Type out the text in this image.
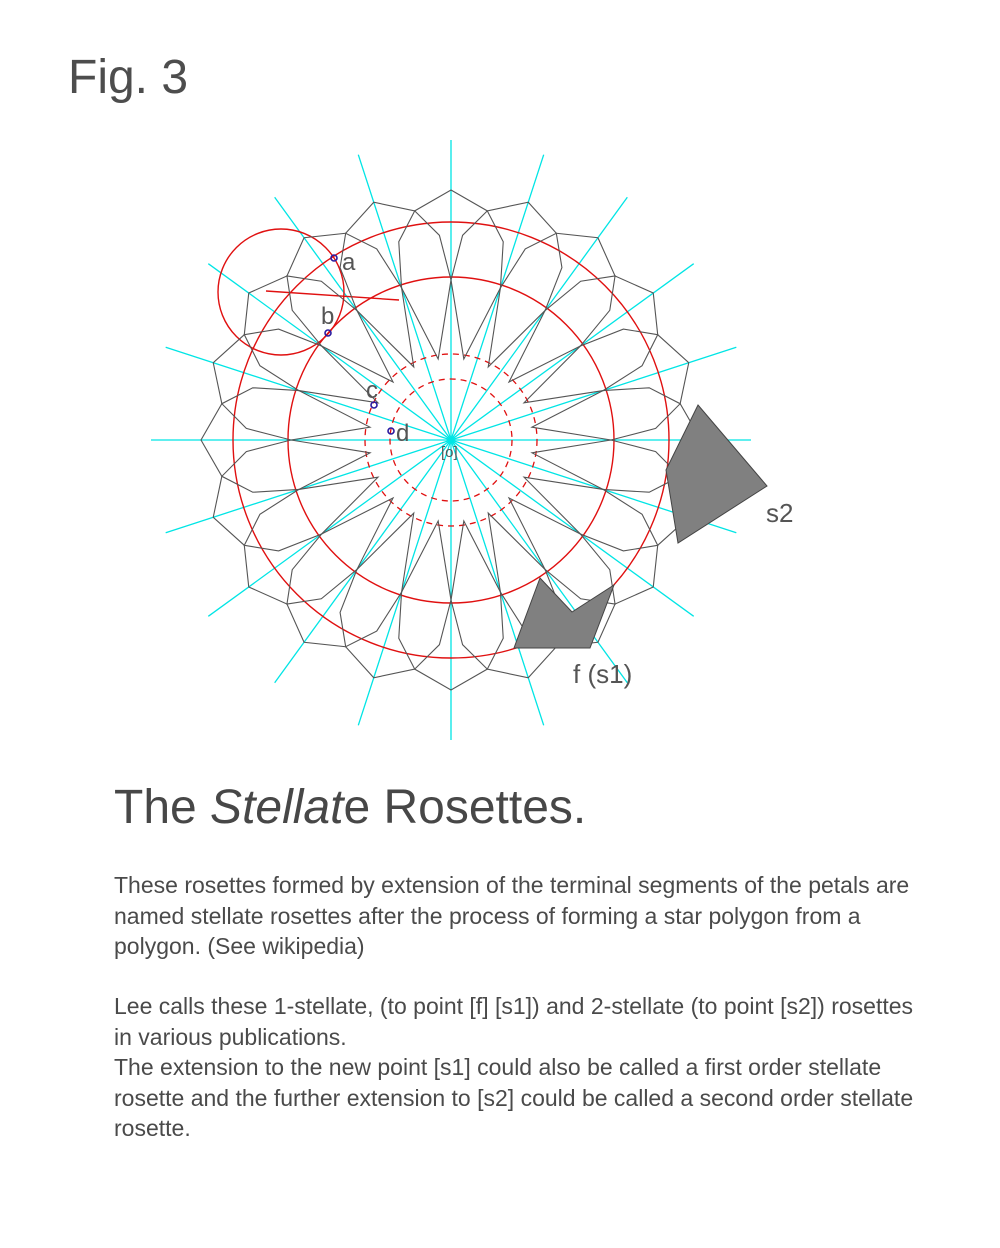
Fig. 3
a
b
c
d
[o]
s2
f (s1)
The Stellate Rosettes.

These rosettes formed by extension of the terminal segments of the petals are named stellate rosettes after the process of forming a star polygon from a polygon. (See wikipedia)

Lee calls these 1-stellate, (to point [f] [s1]) and 2-stellate (to point [s2]) rosettes in various publications.

The extension to the new point [s1] could also be called a first order stellate rosette and the further extension to [s2] could be called a second order stellate rosette.
